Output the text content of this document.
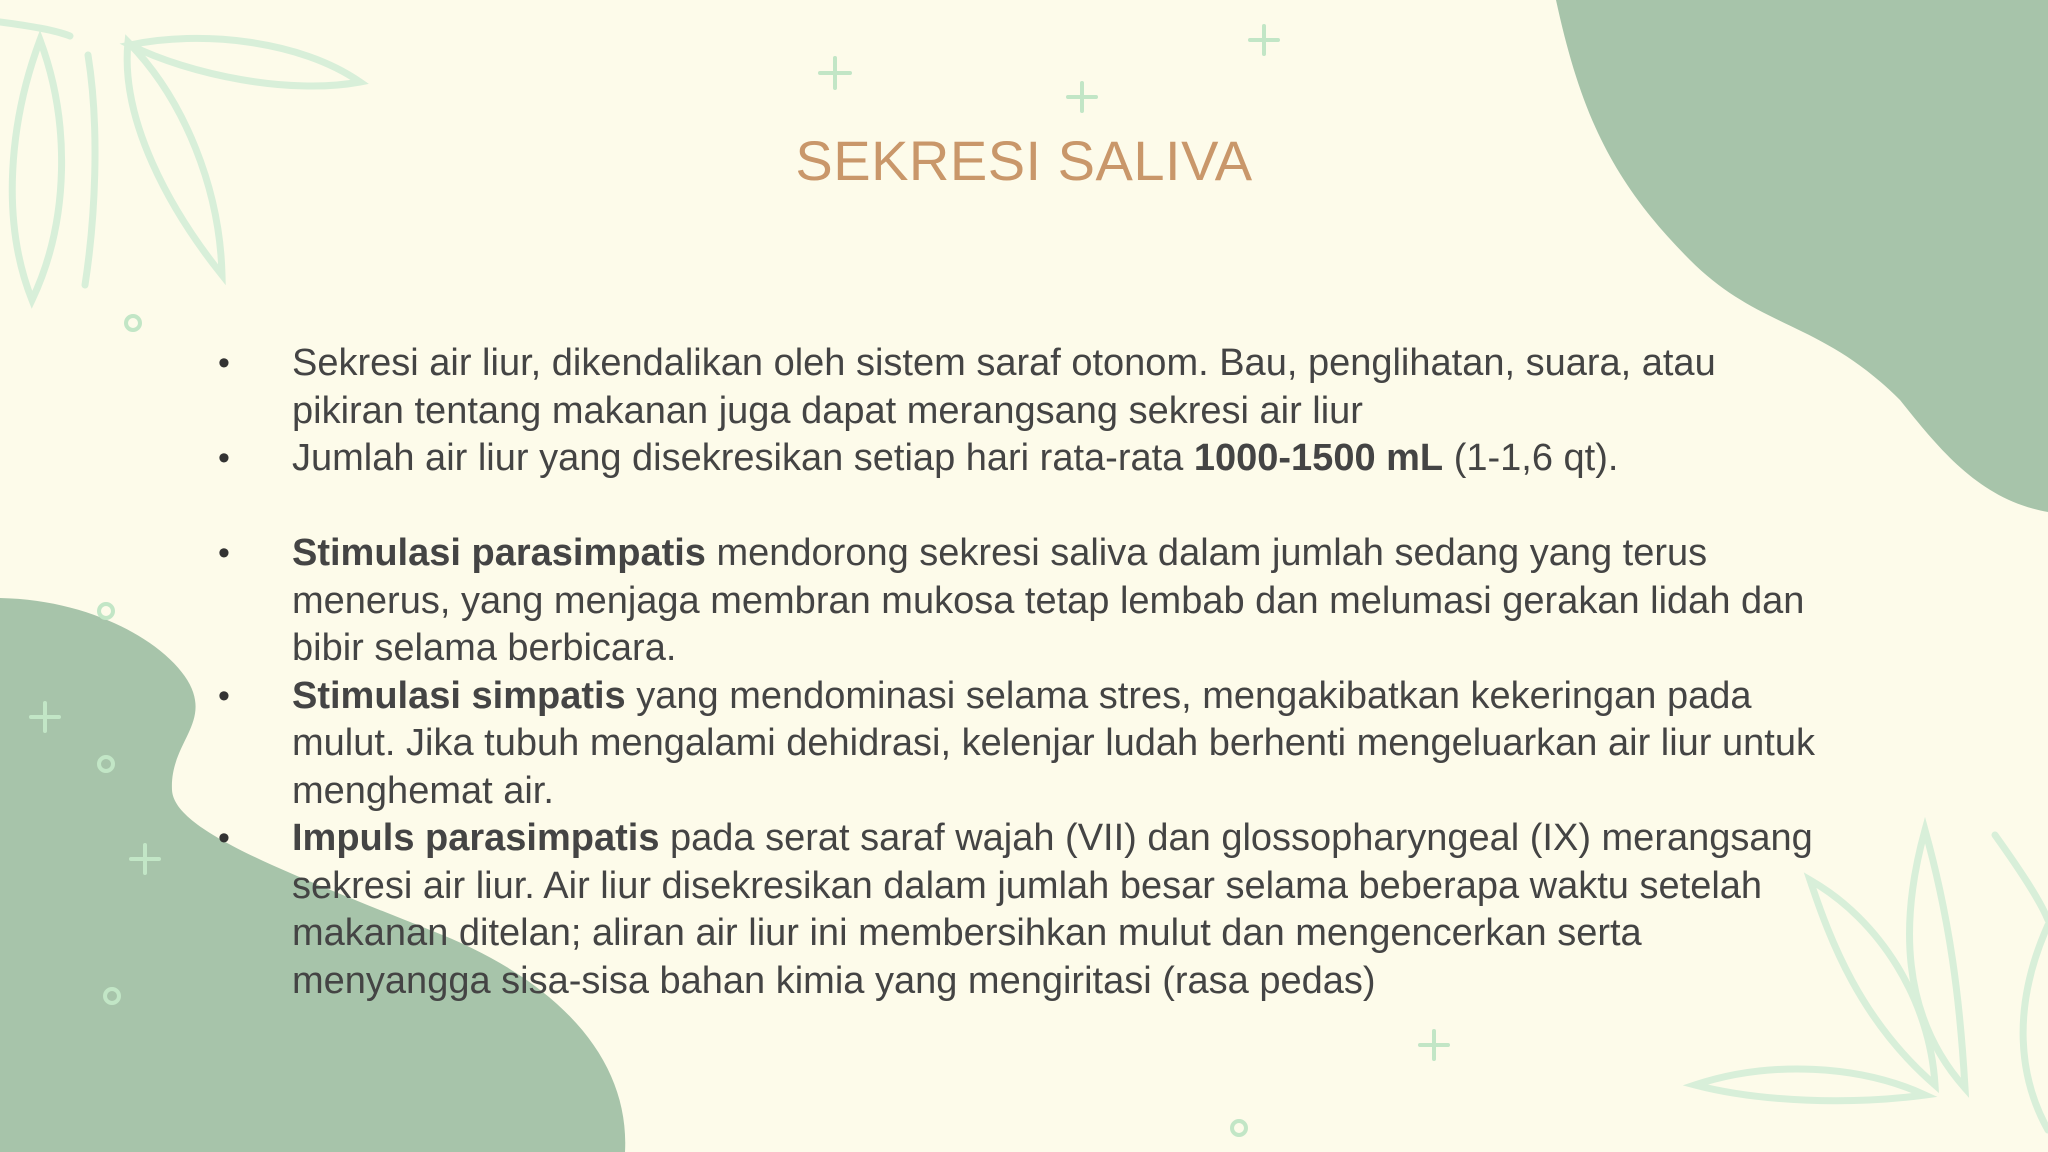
SEKRESI SALIVA
• Sekresi air liur, dikendalikan oleh sistem saraf otonom. Bau, penglihatan, suara, atau pikiran tentang makanan juga dapat merangsang sekresi air liur
• Jumlah air liur yang disekresikan setiap hari rata-rata 1000-1500 mL (1-1,6 qt).
• Stimulasi parasimpatis mendorong sekresi saliva dalam jumlah sedang yang terus menerus, yang menjaga membran mukosa tetap lembab dan melumasi gerakan lidah dan bibir selama berbicara.
• Stimulasi simpatis yang mendominasi selama stres, mengakibatkan kekeringan pada mulut. Jika tubuh mengalami dehidrasi, kelenjar ludah berhenti mengeluarkan air liur untuk menghemat air.
• Impuls parasimpatis pada serat saraf wajah (VII) dan glossopharyngeal (IX) merangsang sekresi air liur. Air liur disekresikan dalam jumlah besar selama beberapa waktu setelah makanan ditelan; aliran air liur ini membersihkan mulut dan mengencerkan serta menyangga sisa-sisa bahan kimia yang mengiritasi (rasa pedas)
